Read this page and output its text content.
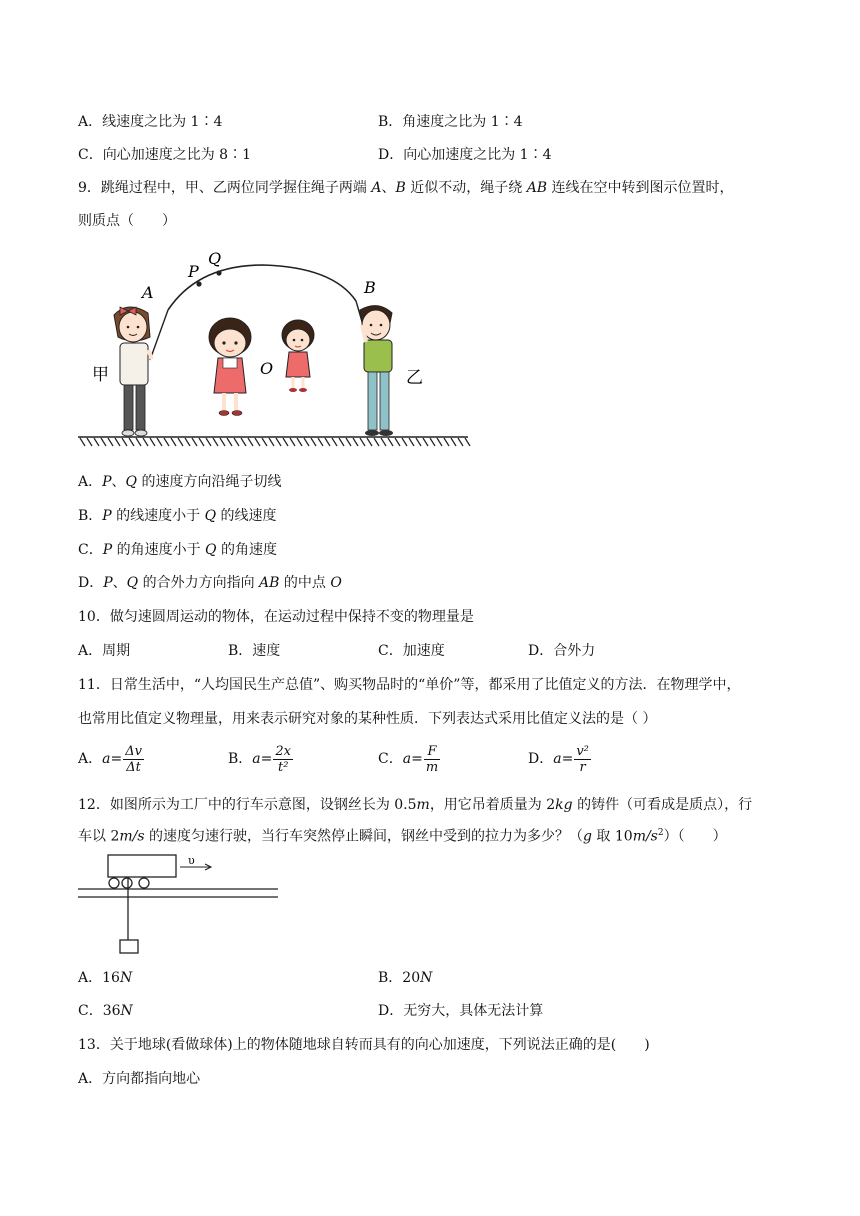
A．线速度之比为 1∶4	B．角速度之比为 1∶4
C．向心加速度之比为 8∶1	D．向心加速度之比为 1∶4
9．跳绳过程中，甲、乙两位同学握住绳子两端 A、B 近似不动，绳子绕 AB 连线在空中转到图示位置时，
则质点（　　）
A
P
Q
B
O
甲	乙
A．P、Q 的速度方向沿绳子切线
B．P 的线速度小于 Q 的线速度
C．P 的角速度小于 Q 的角速度
D．P、Q 的合外力方向指向 AB 的中点 O
10．做匀速圆周运动的物体，在运动过程中保持不变的物理量是
A．周期	B．速度	C．加速度	D．合外力
11．日常生活中，“人均国民生产总值”、购买物品时的“单价”等，都采用了比值定义的方法．在物理学中，
也常用比值定义物理量，用来表示研究对象的某种性质．下列表达式采用比值定义法的是（ ）
A．$a= \frac{\Delta v}{\Delta t}$	B．$a= \frac{2x}{\text{t²}}$	C．$a= \frac{F}{m}$	D．$a= \frac{\text{v²}}{r}$
12．如图所示为工厂中的行车示意图，设钢丝长为 0.5m，用它吊着质量为 2kg 的铸件（可看成是质点），行
车以 2m/s 的速度匀速行驶，当行车突然停止瞬间，钢丝中受到的拉力为多少？（g 取 $10m/s^2$）（　　）
υ
A．16N	B．20N
C．36N	D．无穷大，具体无法计算
13．关于地球(看做球体)上的物体随地球自转而具有的向心加速度，下列说法正确的是(　　)
A．方向都指向地心
